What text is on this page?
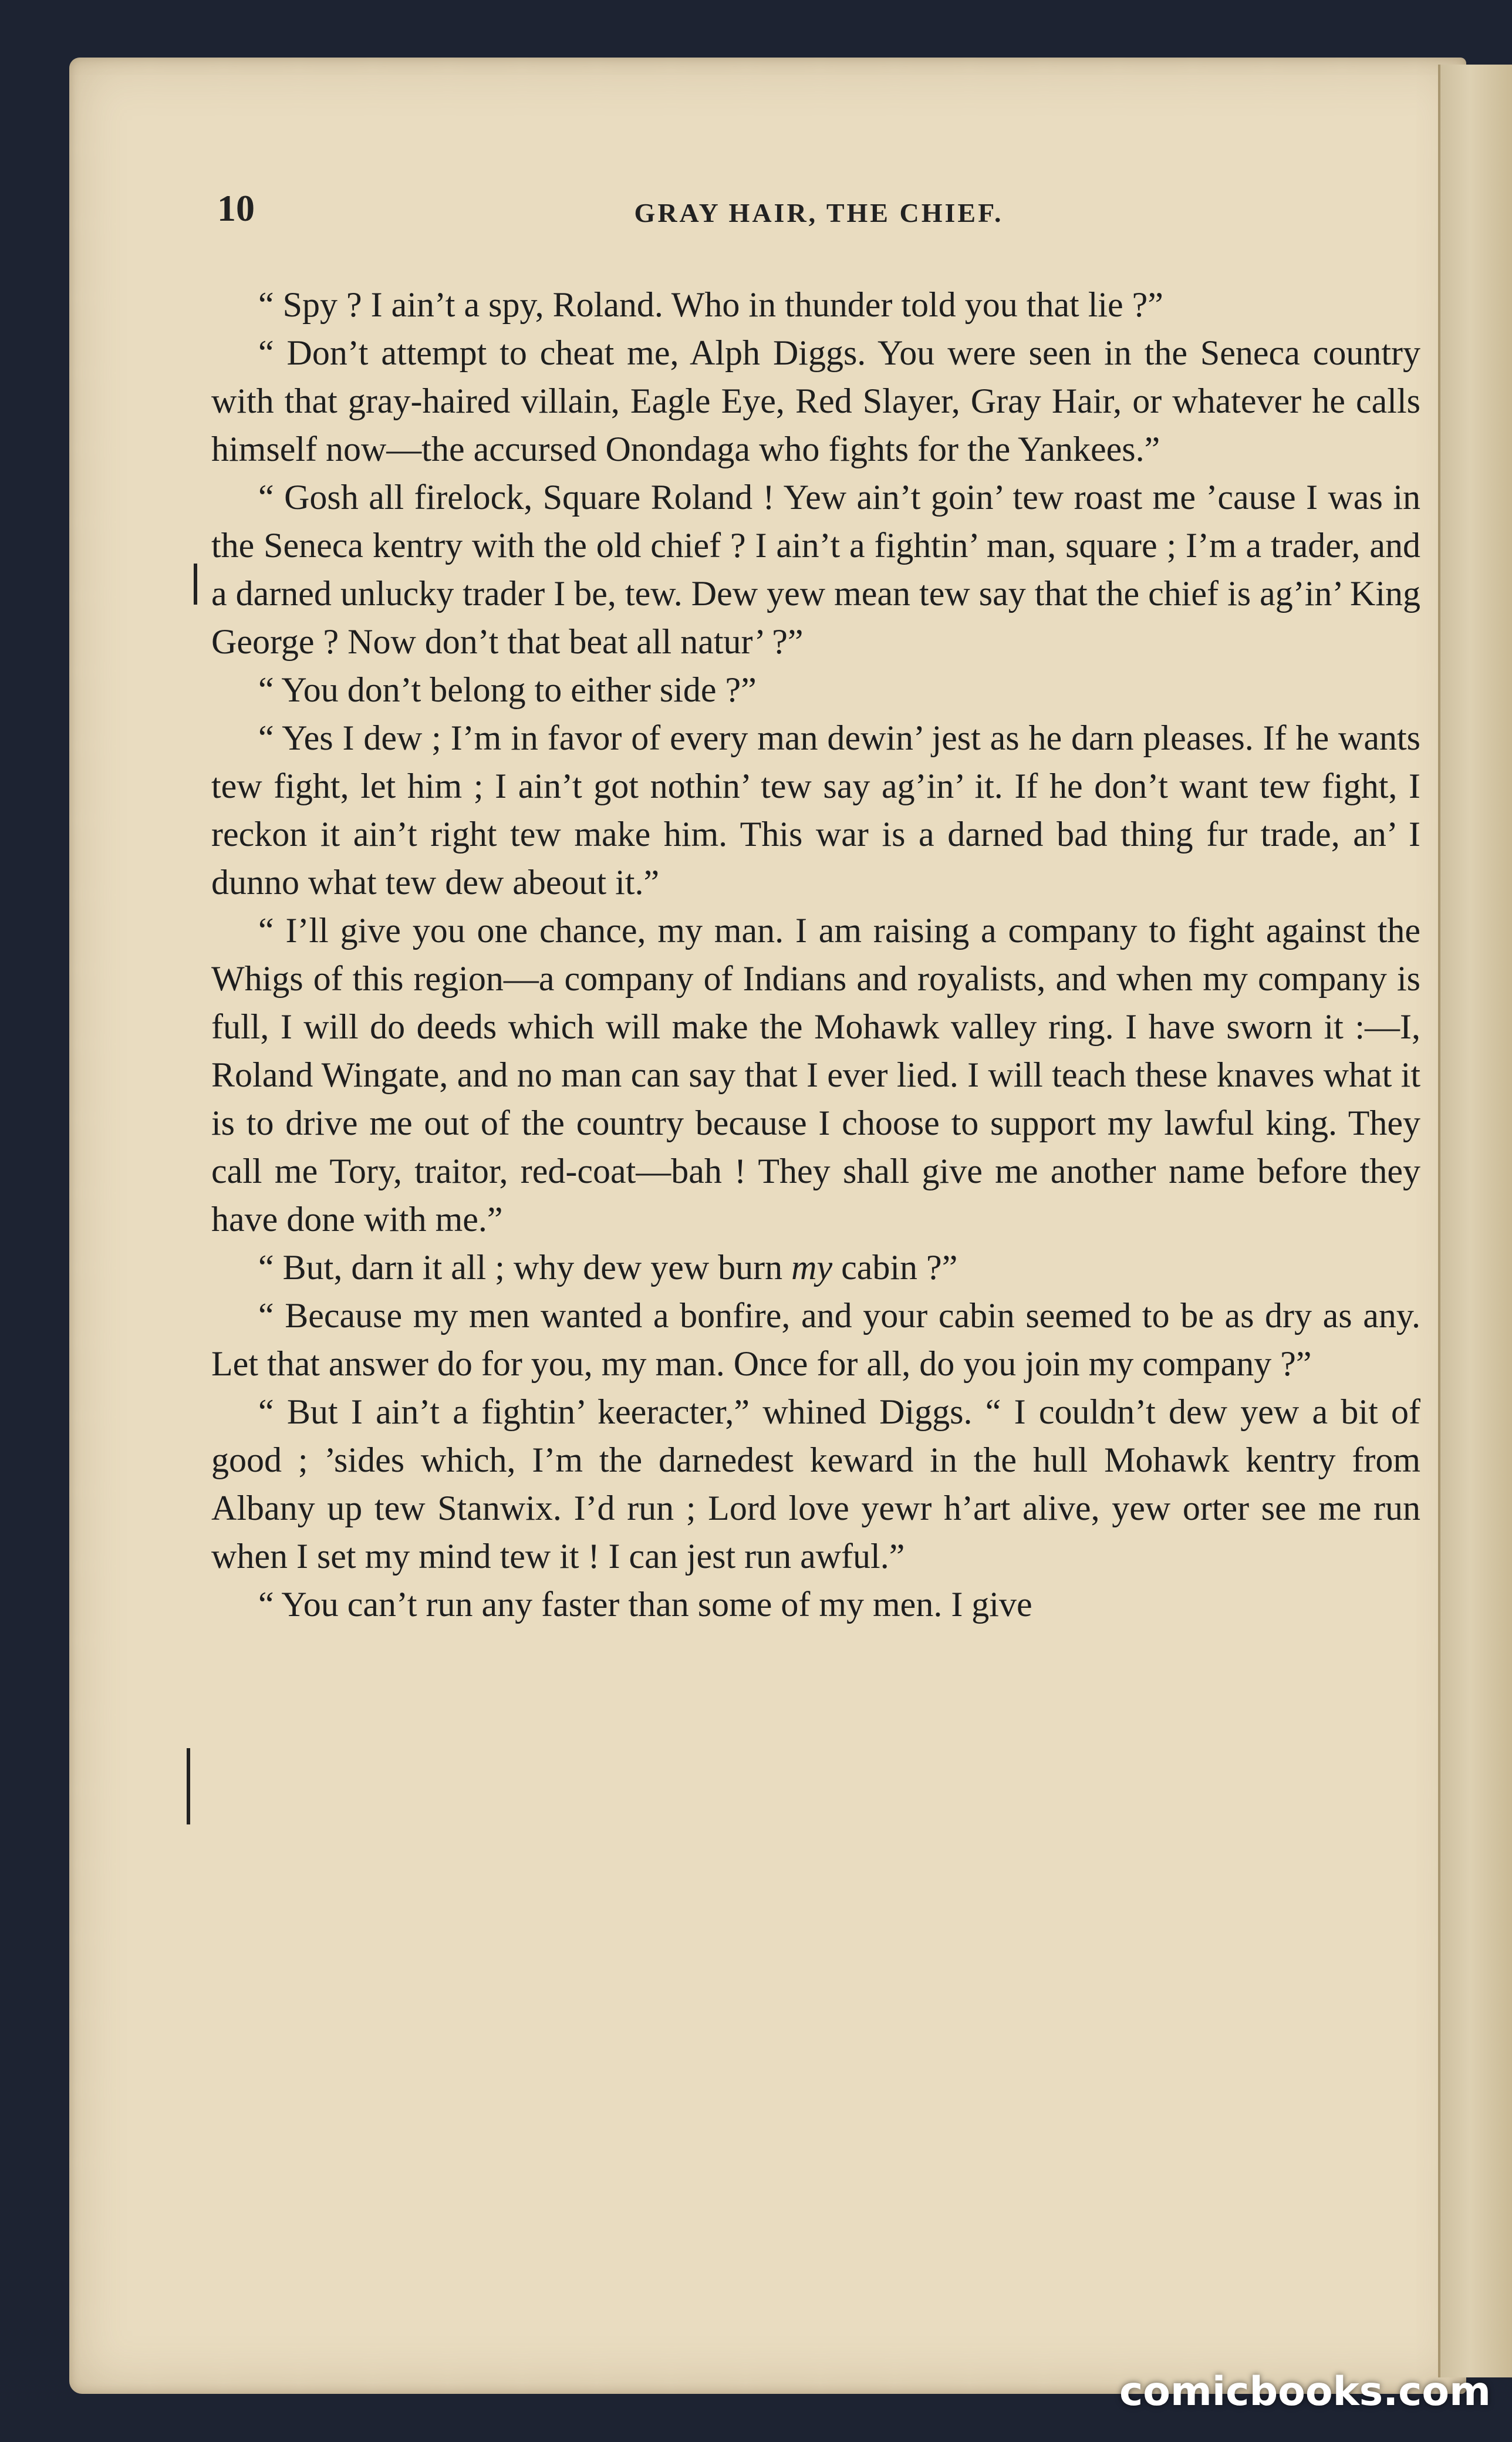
10	GRAY HAIR, THE CHIEF.

“ Spy ? I ain’t a spy, Roland. Who in thunder told you that lie ?”

“ Don’t attempt to cheat me, Alph Diggs. You were seen in the Seneca country with that gray-haired villain, Eagle Eye, Red Slayer, Gray Hair, or whatever he calls himself now—the accursed Onondaga who fights for the Yankees.”

“ Gosh all firelock, Square Roland ! Yew ain’t goin’ tew roast me ’cause I was in the Seneca kentry with the old chief ? I ain’t a fightin’ man, square ; I’m a trader, and a darned unlucky trader I be, tew. Dew yew mean tew say that the chief is ag’in’ King George ? Now don’t that beat all natur’ ?”

“ You don’t belong to either side ?”

“ Yes I dew ; I’m in favor of every man dewin’ jest as he darn pleases. If he wants tew fight, let him ; I ain’t got nothin’ tew say ag’in’ it. If he don’t want tew fight, I reckon it ain’t right tew make him. This war is a darned bad thing fur trade, an’ I dunno what tew dew abeout it.”

“ I’ll give you one chance, my man. I am raising a company to fight against the Whigs of this region—a company of Indians and royalists, and when my company is full, I will do deeds which will make the Mohawk valley ring. I have sworn it :—I, Roland Wingate, and no man can say that I ever lied. I will teach these knaves what it is to drive me out of the country because I choose to support my lawful king. They call me Tory, traitor, red-coat—bah ! They shall give me another name before they have done with me.”

“ But, darn it all ; why dew yew burn my cabin ?”

“ Because my men wanted a bonfire, and your cabin seemed to be as dry as any. Let that answer do for you, my man. Once for all, do you join my company ?”

“ But I ain’t a fightin’ keeracter,” whined Diggs. “ I couldn’t dew yew a bit of good ; ’sides which, I’m the darnedest keward in the hull Mohawk kentry from Albany up tew Stanwix. I’d run ; Lord love yewr h’art alive, yew orter see me run when I set my mind tew it ! I can jest run awful.”

“ You can’t run any faster than some of my men. I give

comicbooks.com
